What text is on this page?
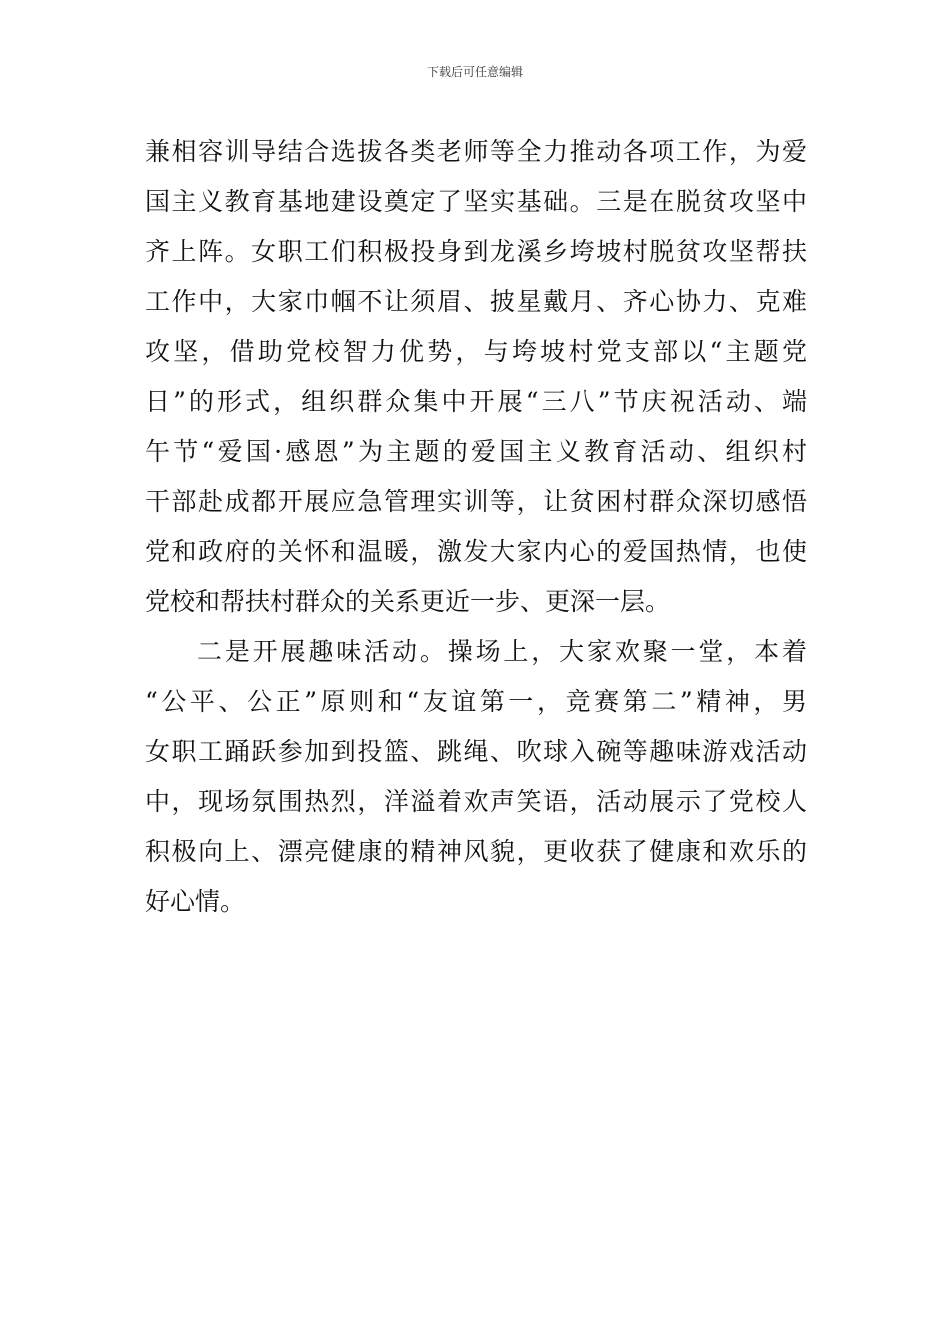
下载后可任意编辑
兼相容训导结合选拔各类老师等全力推动各项工作，为爱
国主义教育基地建设奠定了坚实基础。三是在脱贫攻坚中
齐上阵。女职工们积极投身到龙溪乡垮坡村脱贫攻坚帮扶
工作中，大家巾帼不让须眉、披星戴月、齐心协力、克难
攻坚，借助党校智力优势，与垮坡村党支部以“主题党
日”的形式，组织群众集中开展“三八”节庆祝活动、端
午节“爱国·感恩”为主题的爱国主义教育活动、组织村
干部赴成都开展应急管理实训等，让贫困村群众深切感悟
党和政府的关怀和温暖，激发大家内心的爱国热情，也使
党校和帮扶村群众的关系更近一步、更深一层。
二是开展趣味活动。操场上，大家欢聚一堂，本着
“公平、公正”原则和“友谊第一，竞赛第二”精神，男
女职工踊跃参加到投篮、跳绳、吹球入碗等趣味游戏活动
中，现场氛围热烈，洋溢着欢声笑语，活动展示了党校人
积极向上、漂亮健康的精神风貌，更收获了健康和欢乐的
好心情。
